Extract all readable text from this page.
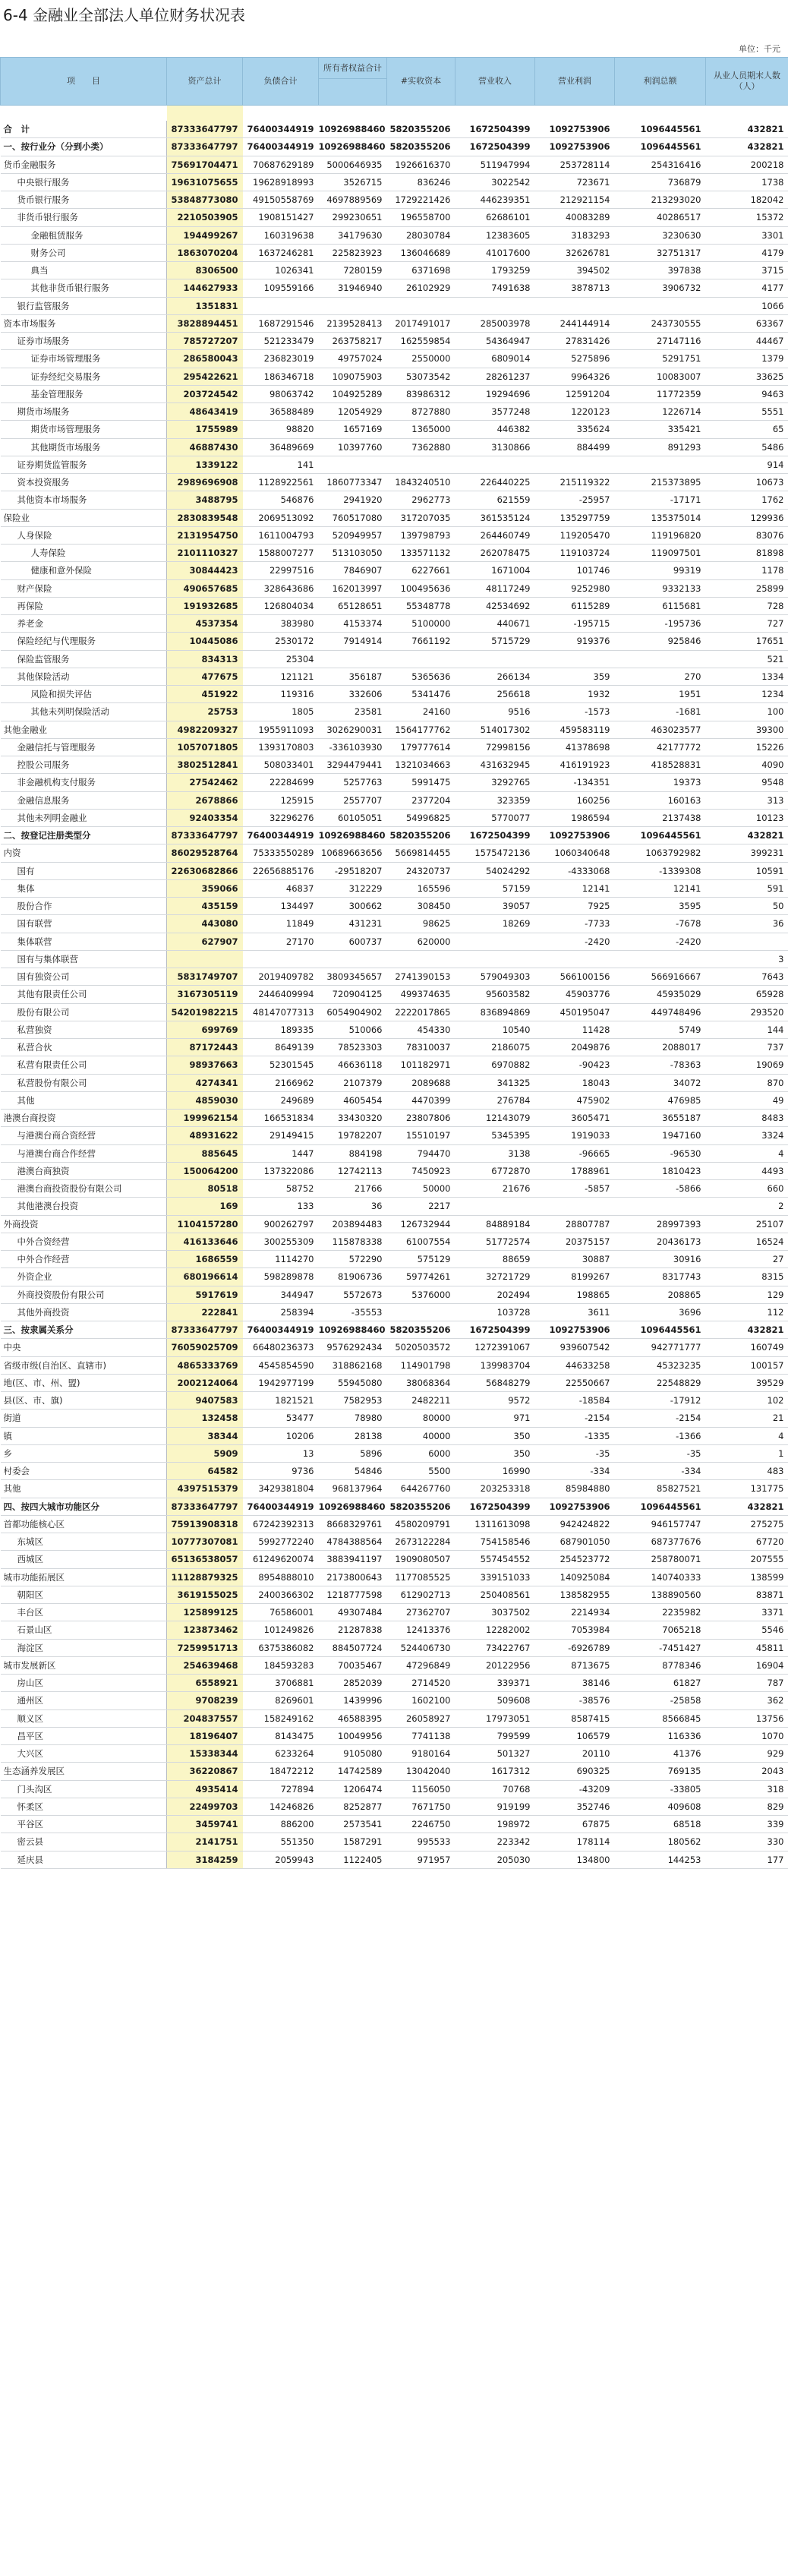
6-4 金融业全部法人单位财务状况表
单位：千元
项　　目	资产总计	负债合计	所有者权益合计	#实收资本	营业收入	营业利润	利润总额	从业人员期末人数（人）

合　计	87333647797	76400344919	10926988460	5820355206	1672504399	1092753906	1096445561	432821
一、按行业分（分到小类）	87333647797	76400344919	10926988460	5820355206	1672504399	1092753906	1096445561	432821
货币金融服务	75691704471	70687629189	5000646935	1926616370	511947994	253728114	254316416	200218
中央银行服务	19631075655	19628918993	3526715	836246	3022542	723671	736879	1738
货币银行服务	53848773080	49150558769	4697889569	1729221426	446239351	212921154	213293020	182042
非货币银行服务	2210503905	1908151427	299230651	196558700	62686101	40083289	40286517	15372
金融租赁服务	194499267	160319638	34179630	28030784	12383605	3183293	3230630	3301
财务公司	1863070204	1637246281	225823923	136046689	41017600	32626781	32751317	4179
典当	8306500	1026341	7280159	6371698	1793259	394502	397838	3715
其他非货币银行服务	144627933	109559166	31946940	26102929	7491638	3878713	3906732	4177
银行监管服务	1351831							1066
资本市场服务	3828894451	1687291546	2139528413	2017491017	285003978	244144914	243730555	63367
证券市场服务	785727207	521233479	263758217	162559854	54364947	27831426	27147116	44467
证券市场管理服务	286580043	236823019	49757024	2550000	6809014	5275896	5291751	1379
证券经纪交易服务	295422621	186346718	109075903	53073542	28261237	9964326	10083007	33625
基金管理服务	203724542	98063742	104925289	83986312	19294696	12591204	11772359	9463
期货市场服务	48643419	36588489	12054929	8727880	3577248	1220123	1226714	5551
期货市场管理服务	1755989	98820	1657169	1365000	446382	335624	335421	65
其他期货市场服务	46887430	36489669	10397760	7362880	3130866	884499	891293	5486
证券期货监管服务	1339122	141						914
资本投资服务	2989696908	1128922561	1860773347	1843240510	226440225	215119322	215373895	10673
其他资本市场服务	3488795	546876	2941920	2962773	621559	-25957	-17171	1762
保险业	2830839548	2069513092	760517080	317207035	361535124	135297759	135375014	129936
人身保险	2131954750	1611004793	520949957	139798793	264460749	119205470	119196820	83076
人寿保险	2101110327	1588007277	513103050	133571132	262078475	119103724	119097501	81898
健康和意外保险	30844423	22997516	7846907	6227661	1671004	101746	99319	1178
财产保险	490657685	328643686	162013997	100495636	48117249	9252980	9332133	25899
再保险	191932685	126804034	65128651	55348778	42534692	6115289	6115681	728
养老金	4537354	383980	4153374	5100000	440671	-195715	-195736	727
保险经纪与代理服务	10445086	2530172	7914914	7661192	5715729	919376	925846	17651
保险监管服务	834313	25304						521
其他保险活动	477675	121121	356187	5365636	266134	359	270	1334
风险和损失评估	451922	119316	332606	5341476	256618	1932	1951	1234
其他未列明保险活动	25753	1805	23581	24160	9516	-1573	-1681	100
其他金融业	4982209327	1955911093	3026290031	1564177762	514017302	459583119	463023577	39300
金融信托与管理服务	1057071805	1393170803	-336103930	179777614	72998156	41378698	42177772	15226
控股公司服务	3802512841	508033401	3294479441	1321034663	431632945	416191923	418528831	4090
非金融机构支付服务	27542462	22284699	5257763	5991475	3292765	-134351	19373	9548
金融信息服务	2678866	125915	2557707	2377204	323359	160256	160163	313
其他未列明金融业	92403354	32296276	60105051	54996825	5770077	1986594	2137438	10123
二、按登记注册类型分	87333647797	76400344919	10926988460	5820355206	1672504399	1092753906	1096445561	432821
内资	86029528764	75333550289	10689663656	5669814455	1575472136	1060340648	1063792982	399231
国有	22630682866	22656885176	-29518207	24320737	54024292	-4333068	-1339308	10591
集体	359066	46837	312229	165596	57159	12141	12141	591
股份合作	435159	134497	300662	308450	39057	7925	3595	50
国有联营	443080	11849	431231	98625	18269	-7733	-7678	36
集体联营	627907	27170	600737	620000		-2420	-2420	
国有与集体联营								3
国有独资公司	5831749707	2019409782	3809345657	2741390153	579049303	566100156	566916667	7643
其他有限责任公司	3167305119	2446409994	720904125	499374635	95603582	45903776	45935029	65928
股份有限公司	54201982215	48147077313	6054904902	2222017865	836894869	450195047	449748496	293520
私营独资	699769	189335	510066	454330	10540	11428	5749	144
私营合伙	87172443	8649139	78523303	78310037	2186075	2049876	2088017	737
私营有限责任公司	98937663	52301545	46636118	101182971	6970882	-90423	-78363	19069
私营股份有限公司	4274341	2166962	2107379	2089688	341325	18043	34072	870
其他	4859030	249689	4605454	4470399	276784	475902	476985	49
港澳台商投资	199962154	166531834	33430320	23807806	12143079	3605471	3655187	8483
与港澳台商合资经营	48931622	29149415	19782207	15510197	5345395	1919033	1947160	3324
与港澳台商合作经营	885645	1447	884198	794470	3138	-96665	-96530	4
港澳台商独资	150064200	137322086	12742113	7450923	6772870	1788961	1810423	4493
港澳台商投资股份有限公司	80518	58752	21766	50000	21676	-5857	-5866	660
其他港澳台投资	169	133	36	2217				2
外商投资	1104157280	900262797	203894483	126732944	84889184	28807787	28997393	25107
中外合资经营	416133646	300255309	115878338	61007554	51772574	20375157	20436173	16524
中外合作经营	1686559	1114270	572290	575129	88659	30887	30916	27
外资企业	680196614	598289878	81906736	59774261	32721729	8199267	8317743	8315
外商投资股份有限公司	5917619	344947	5572673	5376000	202494	198865	208865	129
其他外商投资	222841	258394	-35553		103728	3611	3696	112
三、按隶属关系分	87333647797	76400344919	10926988460	5820355206	1672504399	1092753906	1096445561	432821
中央	76059025709	66480236373	9576292434	5020503572	1272391067	939607542	942771777	160749
省级市级(自治区、直辖市)	4865333769	4545854590	318862168	114901798	139983704	44633258	45323235	100157
地(区、市、州、盟)	2002124064	1942977199	55945080	38068364	56848279	22550667	22548829	39529
县(区、市、旗)	9407583	1821521	7582953	2482211	9572	-18584	-17912	102
街道	132458	53477	78980	80000	971	-2154	-2154	21
镇	38344	10206	28138	40000	350	-1335	-1366	4
乡	5909	13	5896	6000	350	-35	-35	1
村委会	64582	9736	54846	5500	16990	-334	-334	483
其他	4397515379	3429381804	968137964	644267760	203253318	85984880	85827521	131775
四、按四大城市功能区分	87333647797	76400344919	10926988460	5820355206	1672504399	1092753906	1096445561	432821
首都功能核心区	75913908318	67242392313	8668329761	4580209791	1311613098	942424822	946157747	275275
东城区	10777307081	5992772240	4784388564	2673122284	754158546	687901050	687377676	67720
西城区	65136538057	61249620074	3883941197	1909080507	557454552	254523772	258780071	207555
城市功能拓展区	11128879325	8954888010	2173800643	1177085525	339151033	140925084	140740333	138599
朝阳区	3619155025	2400366302	1218777598	612902713	250408561	138582955	138890560	83871
丰台区	125899125	76586001	49307484	27362707	3037502	2214934	2235982	3371
石景山区	123873462	101249826	21287838	12413376	12282002	7053984	7065218	5546
海淀区	7259951713	6375386082	884507724	524406730	73422767	-6926789	-7451427	45811
城市发展新区	254639468	184593283	70035467	47296849	20122956	8713675	8778346	16904
房山区	6558921	3706881	2852039	2714520	339371	38146	61827	787
通州区	9708239	8269601	1439996	1602100	509608	-38576	-25858	362
顺义区	204837557	158249162	46588395	26058927	17973051	8587415	8566845	13756
昌平区	18196407	8143475	10049956	7741138	799599	106579	116336	1070
大兴区	15338344	6233264	9105080	9180164	501327	20110	41376	929
生态涵养发展区	36220867	18472212	14742589	13042040	1617312	690325	769135	2043
门头沟区	4935414	727894	1206474	1156050	70768	-43209	-33805	318
怀柔区	22499703	14246826	8252877	7671750	919199	352746	409608	829
平谷区	3459741	886200	2573541	2246750	198972	67875	68518	339
密云县	2141751	551350	1587291	995533	223342	178114	180562	330
延庆县	3184259	2059943	1122405	971957	205030	134800	144253	177
